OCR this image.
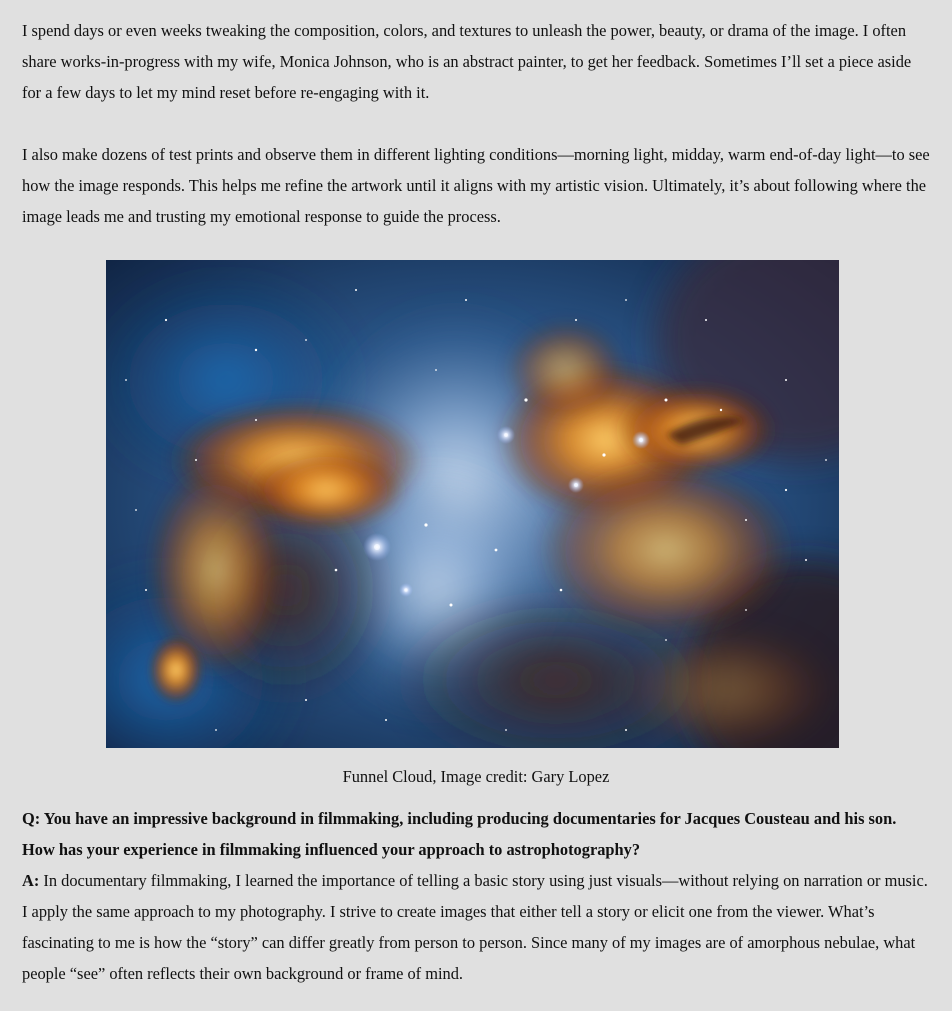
I spend days or even weeks tweaking the composition, colors, and textures to unleash the power, beauty, or drama of the image. I often share works-in-progress with my wife, Monica Johnson, who is an abstract painter, to get her feedback. Sometimes I’ll set a piece aside for a few days to let my mind reset before re-engaging with it.

I also make dozens of test prints and observe them in different lighting conditions—morning light, midday, warm end-of-day light—to see how the image responds. This helps me refine the artwork until it aligns with my artistic vision. Ultimately, it’s about following where the image leads me and trusting my emotional response to guide the process.

Funnel Cloud, Image credit: Gary Lopez

Q: You have an impressive background in filmmaking, including producing documentaries for Jacques Cousteau and his son. How has your experience in filmmaking influenced your approach to astrophotography?

A: In documentary filmmaking, I learned the importance of telling a basic story using just visuals—without relying on narration or music. I apply the same approach to my photography. I strive to create images that either tell a story or elicit one from the viewer. What’s fascinating to me is how the “story” can differ greatly from person to person. Since many of my images are of amorphous nebulae, what people “see” often reflects their own background or frame of mind.
